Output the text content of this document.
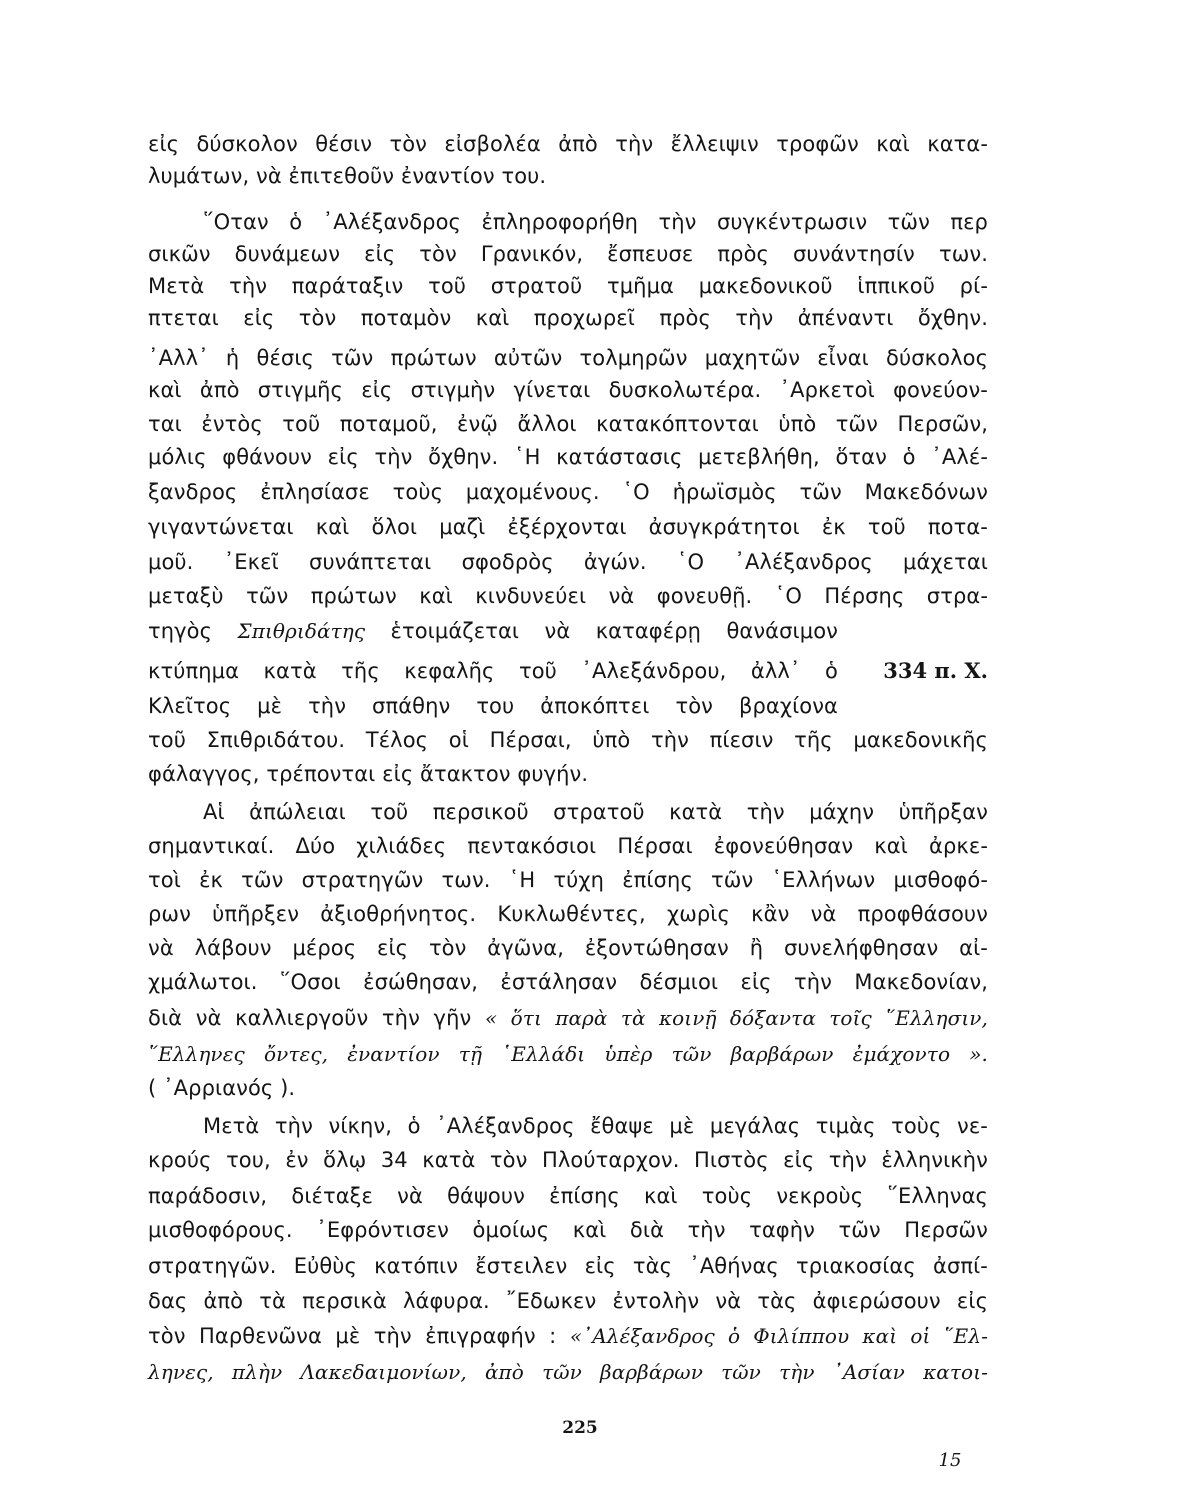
εἰς δύσκολον θέσιν τὸν εἰσβολέα ἀπὸ τὴν ἔλλειψιν τροφῶν καὶ κατα-
λυμάτων, νὰ ἐπιτεθοῦν ἐναντίον του.
῞Οταν ὁ ᾿Αλέξανδρος ἐπληροφορήθη τὴν συγκέντρωσιν τῶν περ
σικῶν δυνάμεων εἰς τὸν Γρανικόν, ἔσπευσε πρὸς συνάντησίν των.
Μετὰ τὴν παράταξιν τοῦ στρατοῦ τμῆμα μακεδονικοῦ ἱππικοῦ ρί-
πτεται εἰς τὸν ποταμὸν καὶ προχωρεῖ πρὸς τὴν ἀπέναντι ὄχθην.
᾿Αλλ᾿ ἡ θέσις τῶν πρώτων αὐτῶν τολμηρῶν μαχητῶν εἶναι δύσκολος
καὶ ἀπὸ στιγμῆς εἰς στιγμὴν γίνεται δυσκολωτέρα. ᾿Αρκετοὶ φονεύον-
ται ἐντὸς τοῦ ποταμοῦ, ἐνῷ ἄλλοι κατακόπτονται ὑπὸ τῶν Περσῶν,
μόλις φθάνουν εἰς τὴν ὄχθην. ῾Η κατάστασις μετεβλήθη, ὅταν ὁ ᾿Αλέ-
ξανδρος ἐπλησίασε τοὺς μαχομένους. ῾Ο ἡρωϊσμὸς τῶν Μακεδόνων
γιγαντώνεται καὶ ὅλοι μαζὶ ἐξέρχονται ἀσυγκράτητοι ἐκ τοῦ ποτα-
μοῦ. ᾿Εκεῖ συνάπτεται σφοδρὸς ἀγών. ῾Ο ᾿Αλέξανδρος μάχεται
μεταξὺ τῶν πρώτων καὶ κινδυνεύει νὰ φονευθῇ. ῾Ο Πέρσης στρα-
τηγὸς Σπιθριδάτης ἑτοιμάζεται νὰ καταφέρῃ θανάσιμον
κτύπημα κατὰ τῆς κεφαλῆς τοῦ ᾿Αλεξάνδρου, ἀλλ᾿ ὁ	334 π. Χ.
Κλεῖτος μὲ τὴν σπάθην του ἀποκόπτει τὸν βραχίονα
τοῦ Σπιθριδάτου. Τέλος οἱ Πέρσαι, ὑπὸ τὴν πίεσιν τῆς μακεδονικῆς
φάλαγγος, τρέπονται εἰς ἄτακτον φυγήν.
Αἱ ἀπώλειαι τοῦ περσικοῦ στρατοῦ κατὰ τὴν μάχην ὑπῆρξαν
σημαντικαί. Δύο χιλιάδες πεντακόσιοι Πέρσαι ἐφονεύθησαν καὶ ἀρκε-
τοὶ ἐκ τῶν στρατηγῶν των. ῾Η τύχη ἐπίσης τῶν ῾Ελλήνων μισθοφό-
ρων ὑπῆρξεν ἀξιοθρήνητος. Κυκλωθέντες, χωρὶς κἂν νὰ προφθάσουν
νὰ λάβουν μέρος εἰς τὸν ἀγῶνα, ἐξοντώθησαν ἢ συνελήφθησαν αἰ-
χμάλωτοι. ῞Οσοι ἐσώθησαν, ἐστάλησαν δέσμιοι εἰς τὴν Μακεδονίαν,
διὰ νὰ καλλιεργοῦν τὴν γῆν « ὅτι παρὰ τὰ κοινῇ δόξαντα τοῖς ῞Ελλησιν,
῞Ελληνες ὄντες, ἐναντίον τῇ ῾Ελλάδι ὑπὲρ τῶν βαρβάρων ἐμάχοντο ».
( ᾿Αρριανός ).
Μετὰ τὴν νίκην, ὁ ᾿Αλέξανδρος ἔθαψε μὲ μεγάλας τιμὰς τοὺς νε-
κρούς του, ἐν ὅλῳ 34 κατὰ τὸν Πλούταρχον. Πιστὸς εἰς τὴν ἑλληνικὴν
παράδοσιν, διέταξε νὰ θάψουν ἐπίσης καὶ τοὺς νεκροὺς ῞Ελληνας
μισθοφόρους. ᾿Εφρόντισεν ὁμοίως καὶ διὰ τὴν ταφὴν τῶν Περσῶν
στρατηγῶν. Εὐθὺς κατόπιν ἔστειλεν εἰς τὰς ᾿Αθήνας τριακοσίας ἀσπί-
δας ἀπὸ τὰ περσικὰ λάφυρα. ῎Εδωκεν ἐντολὴν νὰ τὰς ἀφιερώσουν εἰς
τὸν Παρθενῶνα μὲ τὴν ἐπιγραφήν : «᾿Αλέξανδρος ὁ Φιλίππου καὶ οἱ ῞Ελ-
ληνες, πλὴν Λακεδαιμονίων, ἀπὸ τῶν βαρβάρων τῶν τὴν ᾿Ασίαν κατοι-
225
15
